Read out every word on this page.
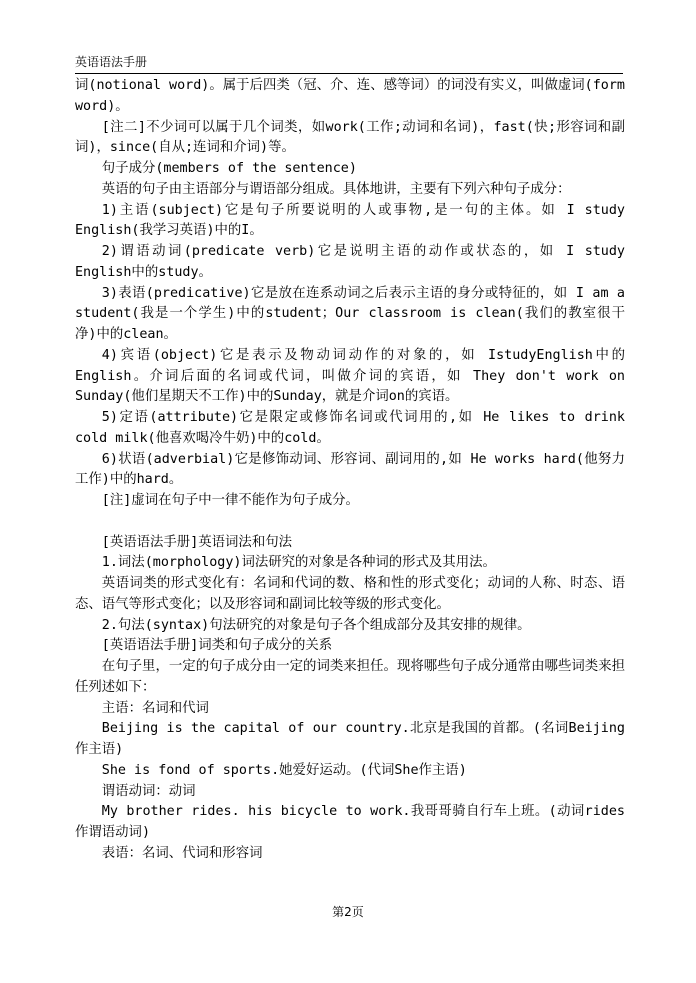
英语语法手册

词(notional word)。属于后四类（冠、介、连、感等词）的词没有实义，叫做虚词(form word)。

[注二]不少词可以属于几个词类，如work(工作;动词和名词)，fast(快;形容词和副词)，since(自从;连词和介词)等。

句子成分(members of the sentence)

英语的句子由主语部分与谓语部分组成。具体地讲，主要有下列六种句子成分：

1)主语(subject)它是句子所要说明的人或事物,是一句的主体。如 I study English(我学习英语)中的I。

2)谓语动词(predicate verb)它是说明主语的动作或状态的，如 I study English中的study。

3)表语(predicative)它是放在连系动词之后表示主语的身分或特征的，如 I am a student(我是一个学生)中的student；Our classroom is clean(我们的教室很干净)中的clean。

4)宾语(object)它是表示及物动词动作的对象的，如 IstudyEnglish中的English。介词后面的名词或代词，叫做介词的宾语，如 They don't work on Sunday(他们星期天不工作)中的Sunday，就是介词on的宾语。

5)定语(attribute)它是限定或修饰名词或代词用的,如 He likes to drink cold milk(他喜欢喝冷牛奶)中的cold。

6)状语(adverbial)它是修饰动词、形容词、副词用的,如 He works hard(他努力工作)中的hard。

[注]虚词在句子中一律不能作为句子成分。

[英语语法手册]英语词法和句法

1.词法(morphology)词法研究的对象是各种词的形式及其用法。

英语词类的形式变化有：名词和代词的数、格和性的形式变化；动词的人称、时态、语态、语气等形式变化；以及形容词和副词比较等级的形式变化。

2.句法(syntax)句法研究的对象是句子各个组成部分及其安排的规律。

[英语语法手册]词类和句子成分的关系

在句子里，一定的句子成分由一定的词类来担任。现将哪些句子成分通常由哪些词类来担任列述如下：

主语：名词和代词

Beijing is the capital of our country.北京是我国的首都。(名词Beijing作主语)

She is fond of sports.她爱好运动。(代词She作主语)

谓语动词：动词

My brother rides. his bicycle to work.我哥哥骑自行车上班。(动词rides作谓语动词)

表语：名词、代词和形容词

第2页
